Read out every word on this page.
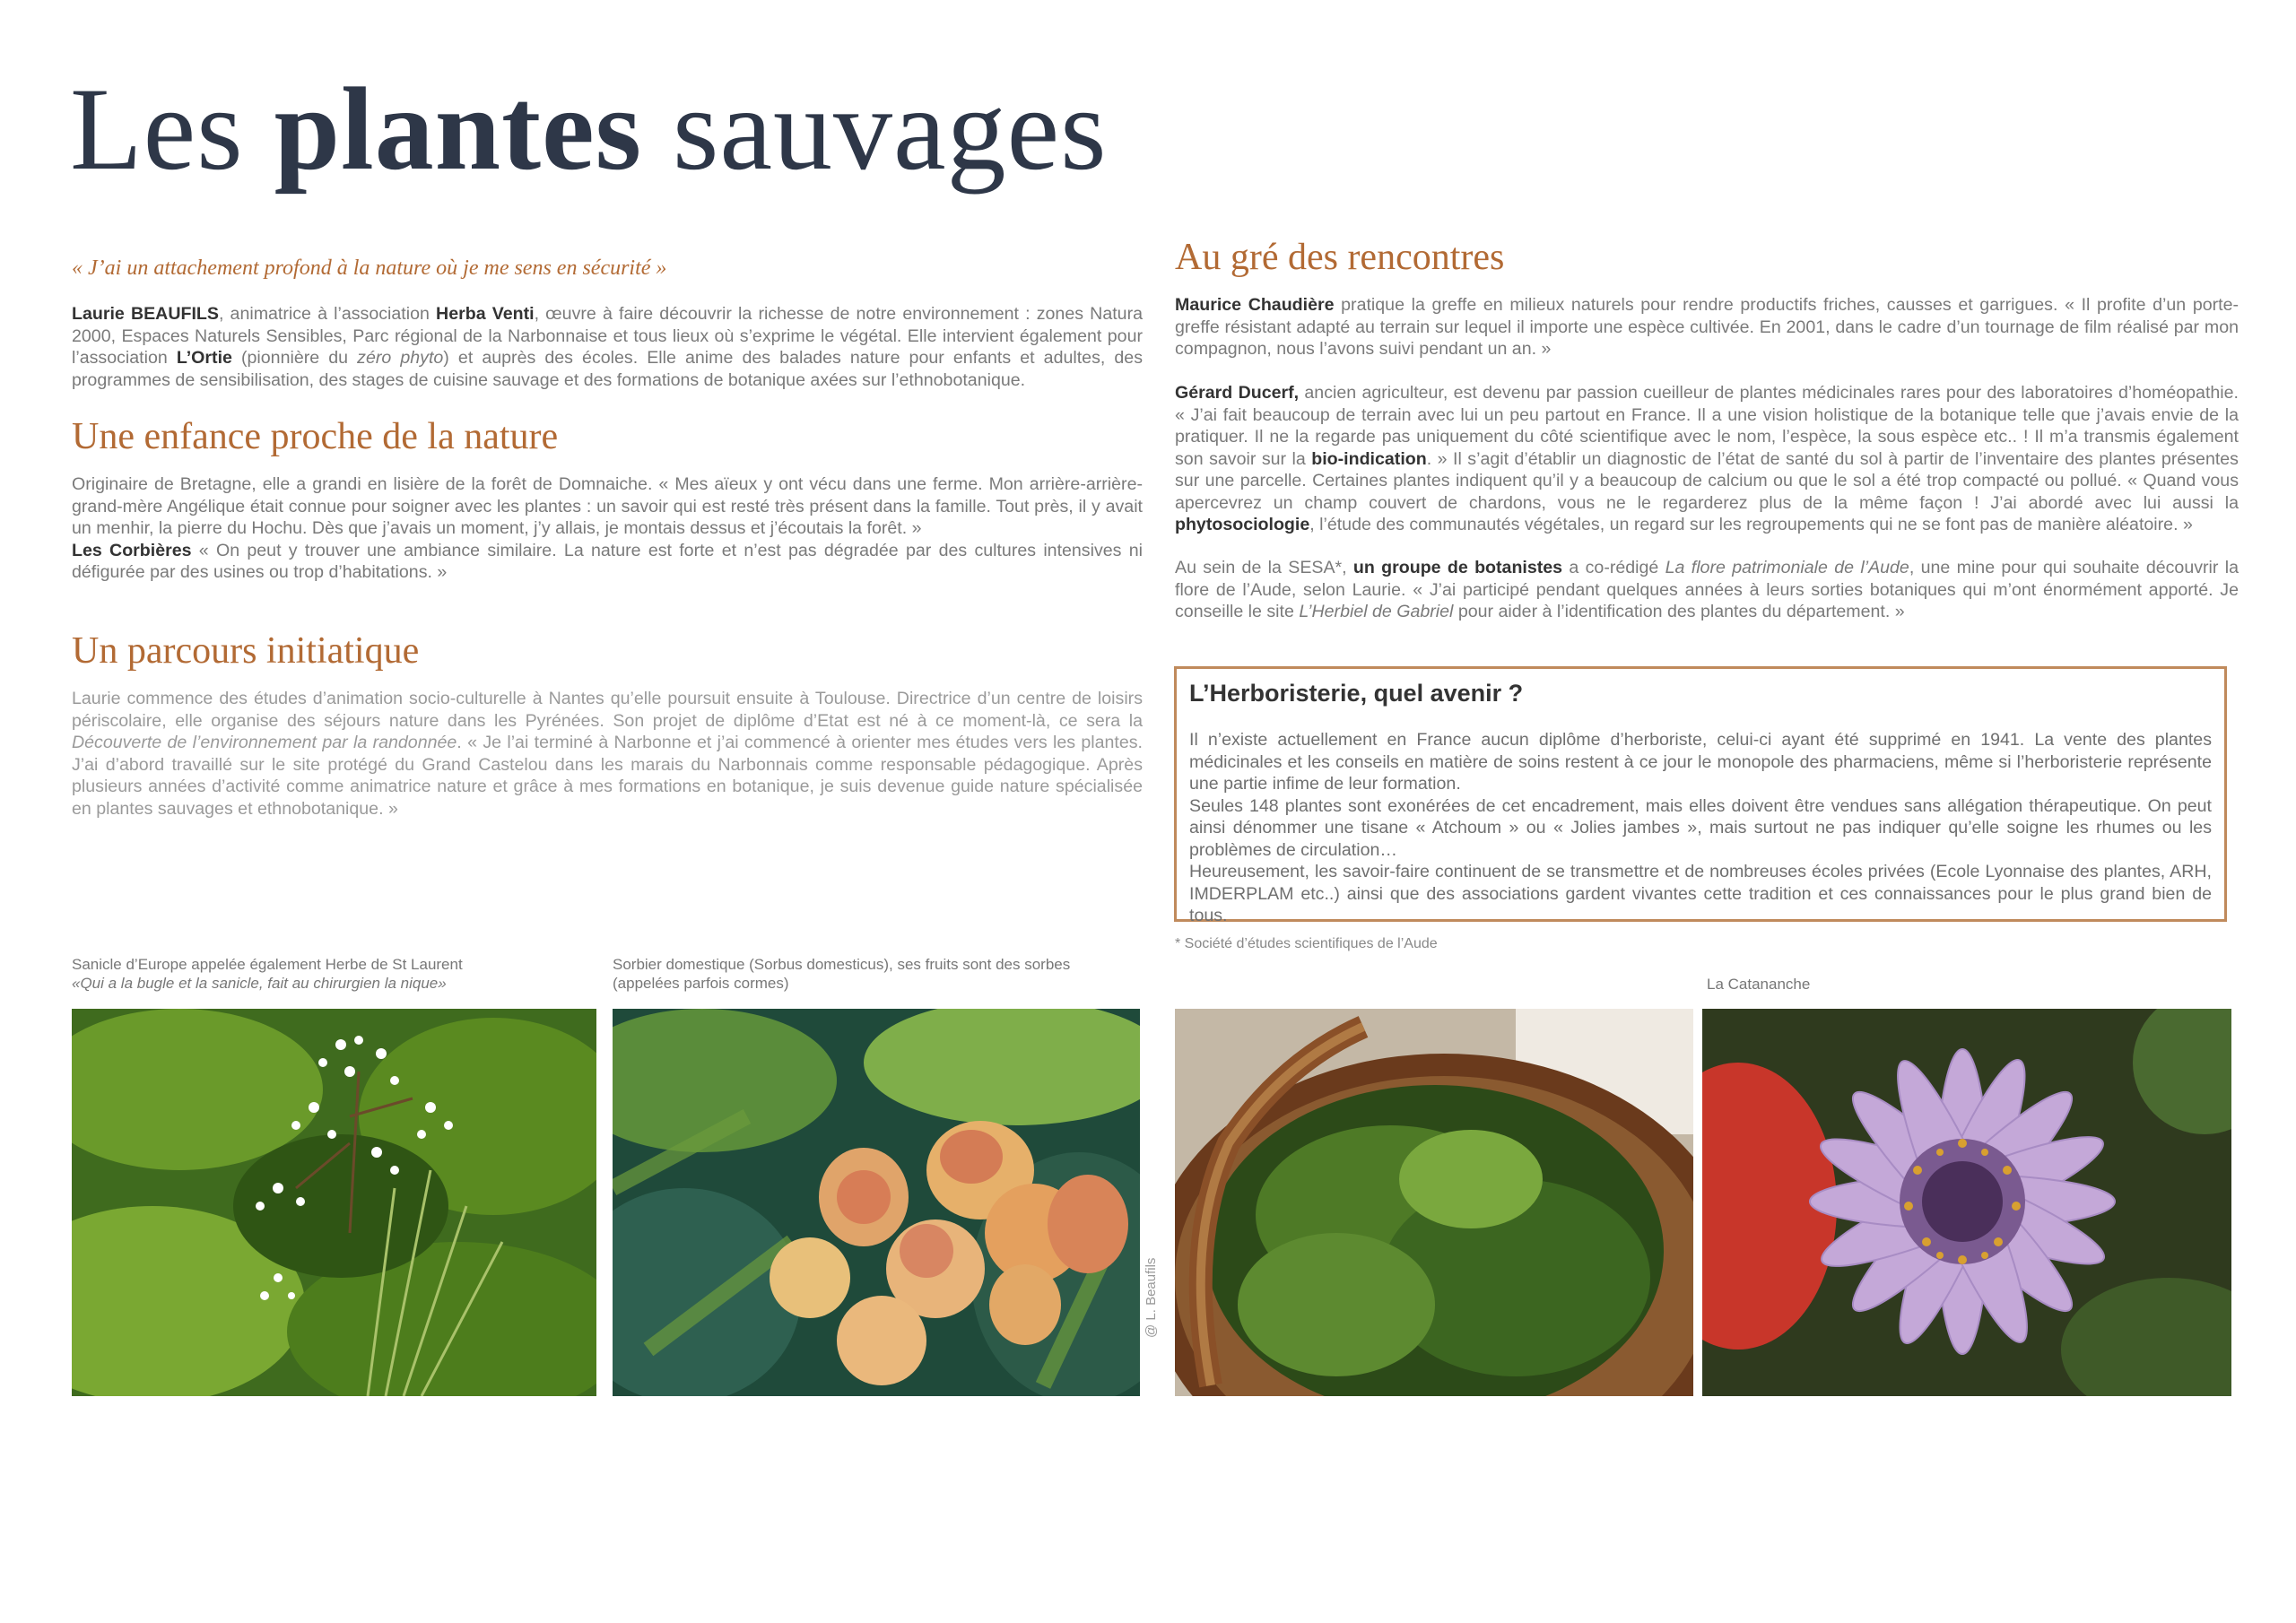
Les plantes sauvages
« J’ai un attachement profond à la nature où je me sens en sécurité »

Laurie BEAUFILS, animatrice à l’association Herba Venti, œuvre à faire découvrir la richesse de notre environnement : zones Natura 2000, Espaces Naturels Sensibles, Parc régional de la Narbonnaise et tous lieux où s’exprime le végétal. Elle intervient également pour l’association L’Ortie (pionnière du zéro phyto) et auprès des écoles. Elle anime des balades nature pour enfants et adultes, des programmes de sensibilisation, des stages de cuisine sauvage et des formations de botanique axées sur l’ethnobotanique.

Une enfance proche de la nature

Originaire de Bretagne, elle a grandi en lisière de la forêt de Domnaiche. « Mes aïeux y ont vécu dans une ferme. Mon arrière-arrière-grand-mère Angélique était connue pour soigner avec les plantes : un savoir qui est resté très présent dans la famille. Tout près, il y avait un menhir, la pierre du Hochu. Dès que j’avais un moment, j’y allais, je montais dessus et j’écoutais la forêt. »
Les Corbières « On peut y trouver une ambiance similaire. La nature est forte et n’est pas dégradée par des cultures intensives ni défigurée par des usines ou trop d’habitations. »

Un parcours initiatique

Laurie commence des études d’animation socio-culturelle à Nantes qu’elle poursuit ensuite à Toulouse. Directrice d’un centre de loisirs périscolaire, elle organise des séjours nature dans les Pyrénées. Son projet de diplôme d’Etat est né à ce moment-là, ce sera la Découverte de l’environnement par la randonnée. « Je l’ai terminé à Narbonne et j’ai commencé à orienter mes études vers les plantes. J’ai d’abord travaillé sur le site protégé du Grand Castelou dans les marais du Narbonnais comme responsable pédagogique. Après plusieurs années d’activité comme animatrice nature et grâce à mes formations en botanique, je suis devenue guide nature spécialisée en plantes sauvages et ethnobotanique. »

Au gré des rencontres

Maurice Chaudière pratique la greffe en milieux naturels pour rendre productifs friches, causses et garrigues. « Il profite d’un porte-greffe résistant adapté au terrain sur lequel il importe une espèce cultivée. En 2001, dans le cadre d’un tournage de film réalisé par mon compagnon, nous l’avons suivi pendant un an. »

Gérard Ducerf, ancien agriculteur, est devenu par passion cueilleur de plantes médicinales rares pour des laboratoires d’homéopathie. « J’ai fait beaucoup de terrain avec lui un peu partout en France. Il a une vision holistique de la botanique telle que j’avais envie de la pratiquer. Il ne la regarde pas uniquement du côté scientifique avec le nom, l’espèce, la sous espèce etc.. ! Il m’a transmis également son savoir sur la bio-indication. » Il s’agit d’établir un diagnostic de l’état de santé du sol à partir de l’inventaire des plantes présentes sur une parcelle. Certaines plantes indiquent qu’il y a beaucoup de calcium ou que le sol a été trop compacté ou pollué. « Quand vous apercevrez un champ couvert de chardons, vous ne le regarderez plus de la même façon ! J’ai abordé avec lui aussi la phytosociologie, l’étude des communautés végétales, un regard sur les regroupements qui ne se font pas de manière aléatoire. »

Au sein de la SESA*, un groupe de botanistes a co-rédigé La flore patrimoniale de l’Aude, une mine pour qui souhaite découvrir la flore de l’Aude, selon Laurie. « J’ai participé pendant quelques années à leurs sorties botaniques qui m’ont énormément apporté. Je conseille le site L’Herbiel de Gabriel pour aider à l’identification des plantes du département. »

L’Herboristerie, quel avenir ?

Il n’existe actuellement en France aucun diplôme d’herboriste, celui-ci ayant été supprimé en 1941. La vente des plantes médicinales et les conseils en matière de soins restent à ce jour le monopole des pharmaciens, même si l’herboristerie représente une partie infime de leur formation.
Seules 148 plantes sont exonérées de cet encadrement, mais elles doivent être vendues sans allégation thérapeutique. On peut ainsi dénommer une tisane « Atchoum » ou « Jolies jambes », mais surtout ne pas indiquer qu’elle soigne les rhumes ou les problèmes de circulation…
Heureusement, les savoir-faire continuent de se transmettre et de nombreuses écoles privées (Ecole Lyonnaise des plantes, ARH, IMDERPLAM etc..) ainsi que des associations gardent vivantes cette tradition et ces connaissances pour le plus grand bien de tous.

* Société d’études scientifiques de l’Aude
Sanicle d’Europe appelée également Herbe de St Laurent
«Qui a la bugle et la sanicle, fait au chirurgien la nique»
Sorbier domestique (Sorbus domesticus), ses fruits sont des sorbes
(appelées parfois cormes)	La Catananche
@ L. Beaufils
